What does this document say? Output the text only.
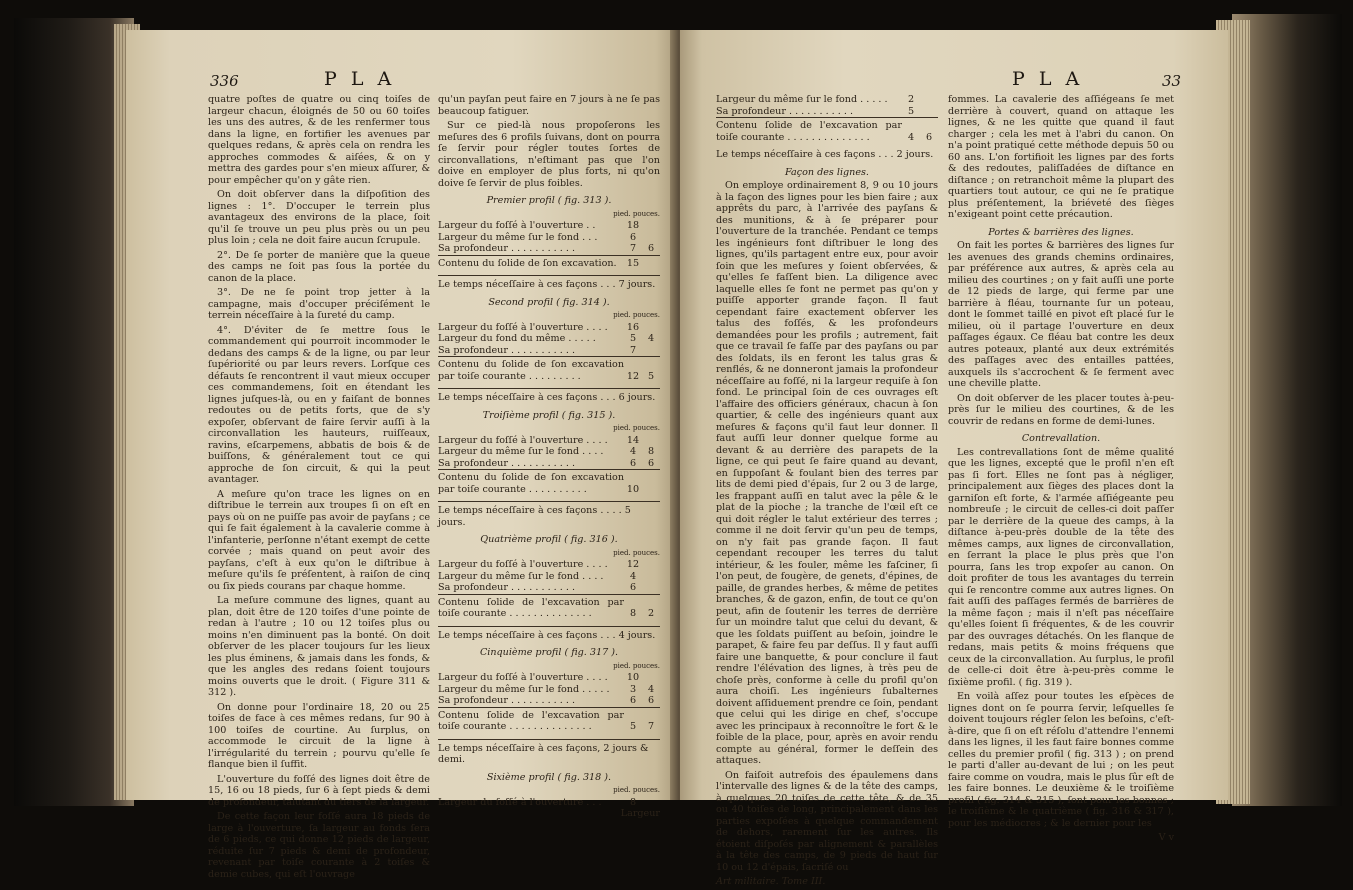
336	P L A

quatre poſtes de quatre ou cinq toiſes de largeur chacun, éloignés de 50 ou 60 toiſes les uns des autres, & de les renfermer tous dans la ligne, en fortifier les avenues par quelques redans, & après cela on rendra les approches commodes & aiſées, & on y mettra des gardes pour s'en mieux aſſurer, & pour empêcher qu'on y gâte rien.

On doit obſerver dans la diſpoſition des lignes : 1°. D'occuper le terrein plus avantageux des environs de la place, ſoit qu'il ſe trouve un peu plus près ou un peu plus loin ; cela ne doit faire aucun ſcrupule.

2°. De ſe porter de manière que la queue des camps ne ſoit pas ſous la portée du canon de la place.

3°. De ne ſe point trop jetter à la campagne, mais d'occuper préciſément le terrein néceſſaire à la ſureté du camp.

4°. D'éviter de ſe mettre ſous le commandement qui pourroit incommoder le dedans des camps & de la ligne, ou par leur ſupériorité ou par leurs revers. Lorſque ces défauts ſe rencontrent il vaut mieux occuper ces commandemens, ſoit en étendant les lignes juſques-là, ou en y faiſant de bonnes redoutes ou de petits forts, que de s'y expoſer, obſervant de faire ſervir auſſi à la circonvallation les hauteurs, ruiſſeaux, ravins, eſcarpemens, abbatis de bois & de buiſſons, & généralement tout ce qui approche de ſon circuit, & qui la peut avantager.

A meſure qu'on trace les lignes on en diſtribue le terrein aux troupes ſi on eſt en pays où on ne puiſſe pas avoir de payſans ; ce qui ſe fait également à la cavalerie comme à l'infanterie, perſonne n'étant exempt de cette corvée ; mais quand on peut avoir des payſans, c'eſt à eux qu'on le diſtribue à meſure qu'ils ſe préſentent, à raiſon de cinq ou ſix pieds courans par chaque homme.

La meſure commune des lignes, quant au plan, doit être de 120 toiſes d'une pointe de redan à l'autre ; 10 ou 12 toiſes plus ou moins n'en diminuent pas la bonté. On doit obſerver de les placer toujours ſur les lieux les plus éminens, & jamais dans les fonds, & que les angles des redans ſoient toujours moins ouverts que le droit. ( Figure 311 & 312 ).

On donne pour l'ordinaire 18, 20 ou 25 toiſes de face à ces mêmes redans, ſur 90 à 100 toiſes de courtine. Au ſurplus, on accommode le circuit de la ligne à l'irrégularité du terrein ; pourvu qu'elle ſe flanque bien il ſuffit.

L'ouverture du foſſé des lignes doit être de 15, 16 ou 18 pieds, ſur 6 à ſept pieds & demi de profondeur, talutant du tiers de la largeur.

De cette façon leur foſſé aura 18 pieds de large à l'ouverture, ſa largeur au fonds ſera de 6 pieds, ce qui donne 12 pieds de largeur, réduite ſur 7 pieds & demi de profondeur, revenant par toiſe courante à 2 toiſes & demie cubes, qui eſt l'ouvrage

qu'un payſan peut faire en 7 jours à ne ſe pas beaucoup fatiguer.

Sur ce pied-là nous propoſerons les meſures des 6 profils ſuivans, dont on pourra ſe ſervir pour régler toutes ſortes de circonvallations, n'eſtimant pas que l'on doive en employer de plus forts, ni qu'on doive ſe ſervir de plus foibles.

Premier profil ( fig. 313 ).

pied. pouces.

Largeur du foſſé à l'ouverture . .	18	
Largeur du même ſur le fond . . .	6	
Sa profondeur . . . . . . . . . . .	7	6
Contenu du ſolide de ſon excavation.	15	

Le temps néceſſaire à ces façons . . . 7 jours.

Second profil ( fig. 314 ).

pied. pouces.

Largeur du foſſé à l'ouverture . . . .	16	
Largeur du fond du même . . . . .	5	4
Sa profondeur . . . . . . . . . . .	7	
Contenu du ſolide de ſon excavation par toiſe courante . . . . . . . . .	12	5

Le temps néceſſaire à ces façons . . . 6 jours.

Troiſième profil ( fig. 315 ).

pied. pouces.

Largeur du foſſé à l'ouverture . . . .	14	
Largeur du même ſur le fond . . . .	4	8
Sa profondeur . . . . . . . . . . .	6	6
Contenu du ſolide de ſon excavation par toiſe courante . . . . . . . . . .	10	

Le temps néceſſaire à ces façons . . . . 5 jours.

Quatrième profil ( fig. 316 ).

pied. pouces.

Largeur du foſſé à l'ouverture . . . .	12	
Largeur du même ſur le fond . . . .	4	
Sa profondeur . . . . . . . . . . .	6	
Contenu ſolide de l'excavation par toiſe courante . . . . . . . . . . . . . .	8	2

Le temps néceſſaire à ces façons . . . 4 jours.

Cinquième profil ( fig. 317 ).

pied. pouces.

Largeur du foſſé à l'ouverture . . . .	10	
Largeur du même ſur le fond . . . . .	3	4
Sa profondeur . . . . . . . . . . .	6	6
Contenu ſolide de l'excavation par toiſe courante . . . . . . . . . . . . . .	5	7

Le temps néceſſaire à ces façons, 2 jours & demi.

Sixième profil ( fig. 318 ).

pied. pouces.

Largeur du foſſé à l'ouverture . . .	8	

Largeur

P L A	33
Largeur du même ſur le fond . . . . .	2	
Sa profondeur . . . . . . . . . . .	5	
Contenu ſolide de l'excavation par toiſe courante . . . . . . . . . . . . . .	4	6

Le temps néceſſaire à ces façons . . . 2 jours.

Façon des lignes.

On employe ordinairement 8, 9 ou 10 jours à la façon des lignes pour les bien faire ; aux apprêts du parc, à l'arrivée des payſans & des munitions, & à ſe préparer pour l'ouverture de la tranchée. Pendant ce temps les ingénieurs font diſtribuer le long des lignes, qu'ils partagent entre eux, pour avoir ſoin que les meſures y ſoient obſervées, & qu'elles ſe faſſent bien. La diligence avec laquelle elles ſe font ne permet pas qu'on y puiſſe apporter grande façon. Il faut cependant faire exactement obſerver les talus des foſſés, & les profondeurs demandées pour les profils ; autrement, fait que ce travail ſe faſſe par des payſans ou par des ſoldats, ils en feront les talus gras & renflés, & ne donneront jamais la profondeur néceſſaire au foſſé, ni la largeur requiſe à ſon fond. Le principal ſoin de ces ouvrages eſt l'affaire des officiers généraux, chacun à ſon quartier, & celle des ingénieurs quant aux meſures & façons qu'il faut leur donner. Il faut auſſi leur donner quelque forme au devant & au derrière des parapets de la ligne, ce qui peut ſe faire quand au devant, en ſuppoſant & foulant bien des terres par lits de demi pied d'épais, ſur 2 ou 3 de large, les frappant auſſi en talut avec la pêle & le plat de la pioche ; la tranche de l'œil eſt ce qui doit régler le talut extérieur des terres ; comme il ne doit ſervir qu'un peu de temps, on n'y fait pas grande façon. Il faut cependant recouper les terres du talut intérieur, & les fouler, même les faſciner, ſi l'on peut, de fougère, de genets, d'épines, de paille, de grandes herbes, & même de petites branches, & de gazon, enfin, de tout ce qu'on peut, afin de ſoutenir les terres de derrière ſur un moindre talut que celui du devant, & que les ſoldats puiſſent au beſoin, joindre le parapet, & faire feu par deſſus. Il y faut auſſi faire une banquette, & pour conclure il faut rendre l'élévation des lignes, à très peu de choſe près, conforme à celle du profil qu'on aura choiſi. Les ingénieurs ſubalternes doivent aſſiduement prendre ce ſoin, pendant que celui qui les dirige en chef, s'occupe avec les principaux à reconnoître le fort & le foible de la place, pour, après en avoir rendu compte au général, former le deſſein des attaques.

On faiſoit autrefois des épaulemens dans l'intervalle des lignes & de la tête des camps, à quelques 20 toiſes de cette tête, & de 35 ou 40 toiſes de long, principalement dans les parties expoſées à quelque commandement de dehors, rarement ſur les autres. Ils étoient diſpoſés par alignement & parallèles à la tête des camps, de 9 pieds de haut ſur 10 ou 12 d'épais, ſacriſé ou

Art militaire. Tome III.

fommes. La cavalerie des aſſiégeans ſe met derrière à couvert, quand on attaque les lignes, & ne les quitte que quand il faut charger ; cela les met à l'abri du canon. On n'a point pratiqué cette méthode depuis 50 ou 60 ans. L'on fortifioit les lignes par des forts & des redoutes, paliſſadées de diſtance en diſtance ; on retranchoit même la plupart des quartiers tout autour, ce qui ne ſe pratique plus préſentement, la briéveté des ſièges n'exigeant point cette précaution.

Portes & barrières des lignes.

On fait les portes & barrières des lignes ſur les avenues des grands chemins ordinaires, par préférence aux autres, & après cela au milieu des courtines ; on y fait auſſi une porte de 12 pieds de large, qui ferme par une barrière à fléau, tournante ſur un poteau, dont le ſommet taillé en pivot eſt placé ſur le milieu, où il partage l'ouverture en deux paſſages égaux. Ce fléau bat contre les deux autres poteaux, planté aux deux extrémités des paſſages avec des entailles pattées, auxquels ils s'accrochent & ſe ferment avec une cheville platte.

On doit obſerver de les placer toutes à-peu-près ſur le milieu des courtines, & de les couvrir de redans en forme de demi-lunes.

Contrevallation.

Les contrevallations ſont de même qualité que les lignes, excepté que le profil n'en eſt pas ſi fort. Elles ne ſont pas à négliger, principalement aux ſièges des places dont la garniſon eſt forte, & l'armée aſſiégeante peu nombreuſe ; le circuit de celles-ci doit paſſer par le derrière de la queue des camps, à la diſtance à-peu-près double de la tête des mêmes camps, aux lignes de circonvallation, en ſerrant la place le plus près que l'on pourra, ſans les trop expoſer au canon. On doit profiter de tous les avantages du terrein qui ſe rencontre comme aux autres lignes. On fait auſſi des paſſages fermés de barrières de la même façon ; mais il n'eſt pas néceſſaire qu'elles ſoient ſi fréquentes, & de les couvrir par des ouvrages détachés. On les flanque de redans, mais petits & moins fréquens que ceux de la circonvallation. Au ſurplus, le profil de celle-ci doit être à-peu-près comme le ſixième profil. ( fig. 319 ).

En voilà aſſez pour toutes les eſpèces de lignes dont on ſe pourra ſervir, leſquelles ſe doivent toujours régler ſelon les beſoins, c'eſt-à-dire, que ſi on eſt réſolu d'attendre l'ennemi dans les lignes, il les faut faire bonnes comme celles du premier profil ( fig. 313 ) ; on prend le parti d'aller au-devant de lui ; on les peut faire comme on voudra, mais le plus ſûr eſt de les faire bonnes. Le deuxième & le troiſième profil ( fig. 314 & 315 ), ſont pour les bonnes ; le troiſième & le quatrième ( fig. 316 & 317 ), pour les médiocres ; & le dernier pour les

V v
